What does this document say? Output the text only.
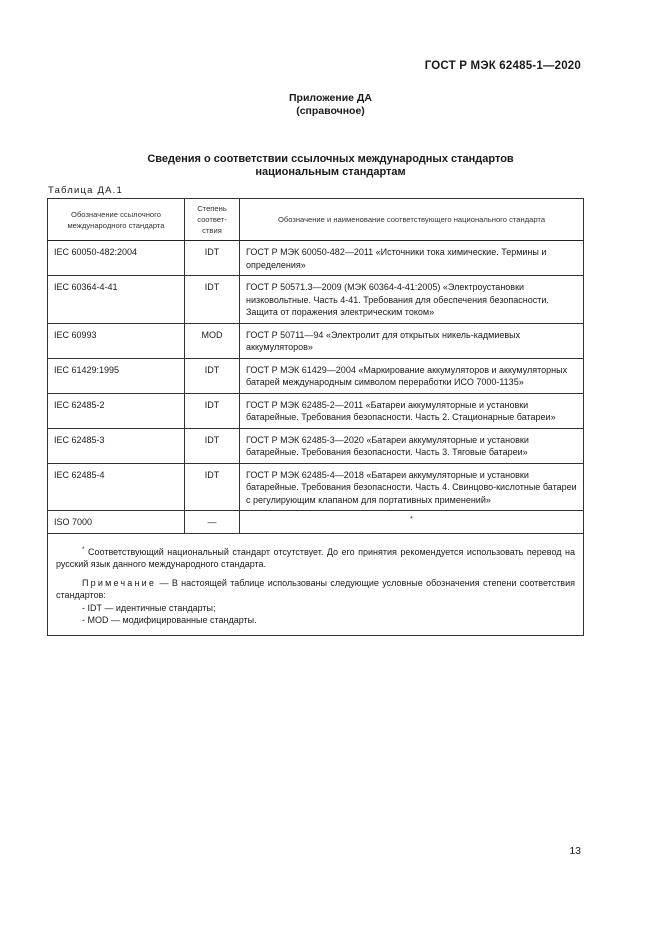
ГОСТ Р МЭК 62485-1—2020
Приложение ДА
(справочное)
Сведения о соответствии ссылочных международных стандартов
национальным стандартам
Таблица ДА.1
Обозначение ссылочного международного стандарта	Степень соответ-ствия	Обозначение и наименование соответствующего национального стандарта
IEC 60050-482:2004	IDT	ГОСТ Р МЭК 60050-482—2011 «Источники тока химические. Термины и определения»
IEC 60364-4-41	IDT	ГОСТ Р 50571.3—2009 (МЭК 60364-4-41:2005) «Электроустановки низковольтные. Часть 4-41. Требования для обеспечения безопасности. Защита от поражения электрическим током»
IEC 60993	MOD	ГОСТ Р 50711—94 «Электролит для открытых никель-кадмиевых аккумуляторов»
IEC 61429:1995	IDT	ГОСТ Р МЭК 61429—2004 «Маркирование аккумуляторов и аккумуляторных батарей международным символом переработки ИСО 7000-1135»
IEC 62485-2	IDT	ГОСТ Р МЭК 62485-2—2011 «Батареи аккумуляторные и установки батарейные. Требования безопасности. Часть 2. Стационарные батареи»
IEC 62485-3	IDT	ГОСТ Р МЭК 62485-3—2020 «Батареи аккумуляторные и установки батарейные. Требования безопасности. Часть 3. Тяговые батареи»
IEC 62485-4	IDT	ГОСТ Р МЭК 62485-4—2018 «Батареи аккумуляторные и установки батарейные. Требования безопасности. Часть 4. Свинцово-кислотные батареи с регулирующим клапаном для портативных применений»
ISO 7000	—	*

* Соответствующий национальный стандарт отсутствует. До его принятия рекомендуется использовать перевод на русский язык данного международного стандарта.

Примечание — В настоящей таблице использованы следующие условные обозначения степени соответствия стандартов:

- IDT — идентичные стандарты;

- MOD — модифицированные стандарты.		

13
